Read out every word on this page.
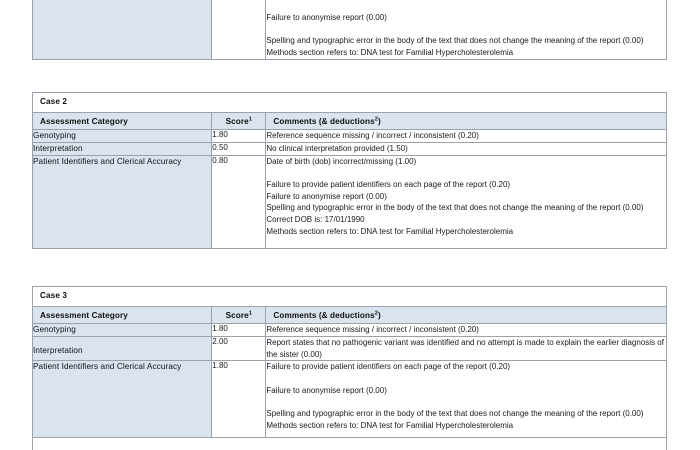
Failure to anonymise report (0.00)

Spelling and typographic error in the body of the text that does not change the meaning of the report (0.00)

Methods section refers to: DNA test for Familial Hypercholesterolemia

Case 2		
Assessment Category	Score$^1$	Comments (& deductions$^2$)
Genotyping	1.80	Reference sequence missing / incorrect / inconsistent (0.20)

Interpretation	0.50	No clinical interpretation provided (1.50)

Patient Identifiers and Clerical Accuracy	0.80	Date of birth (dob) incorrect/missing (1.00)

Failure to provide patient identifiers on each page of the report (0.20)

Failure to anonymise report (0.00)

Spelling and typographic error in the body of the text that does not change the meaning of the report (0.00)

Correct DOB is: 17/01/1990

Methods section refers to: DNA test for Familial Hypercholesterolemia

Case 3		
Assessment Category	Score$^1$	Comments (& deductions$^2$)
Genotyping	1.80	Reference sequence missing / incorrect / inconsistent (0.20)

Interpretation	2.00	Report states that no pathogenic variant was identified and no attempt is made to explain the earlier diagnosis of the sister (0.00)

Patient Identifiers and Clerical Accuracy	1.80	Failure to provide patient identifiers on each page of the report (0.20)

Failure to anonymise report (0.00)

Spelling and typographic error in the body of the text that does not change the meaning of the report (0.00)

Methods section refers to: DNA test for Familial Hypercholesterolemia
